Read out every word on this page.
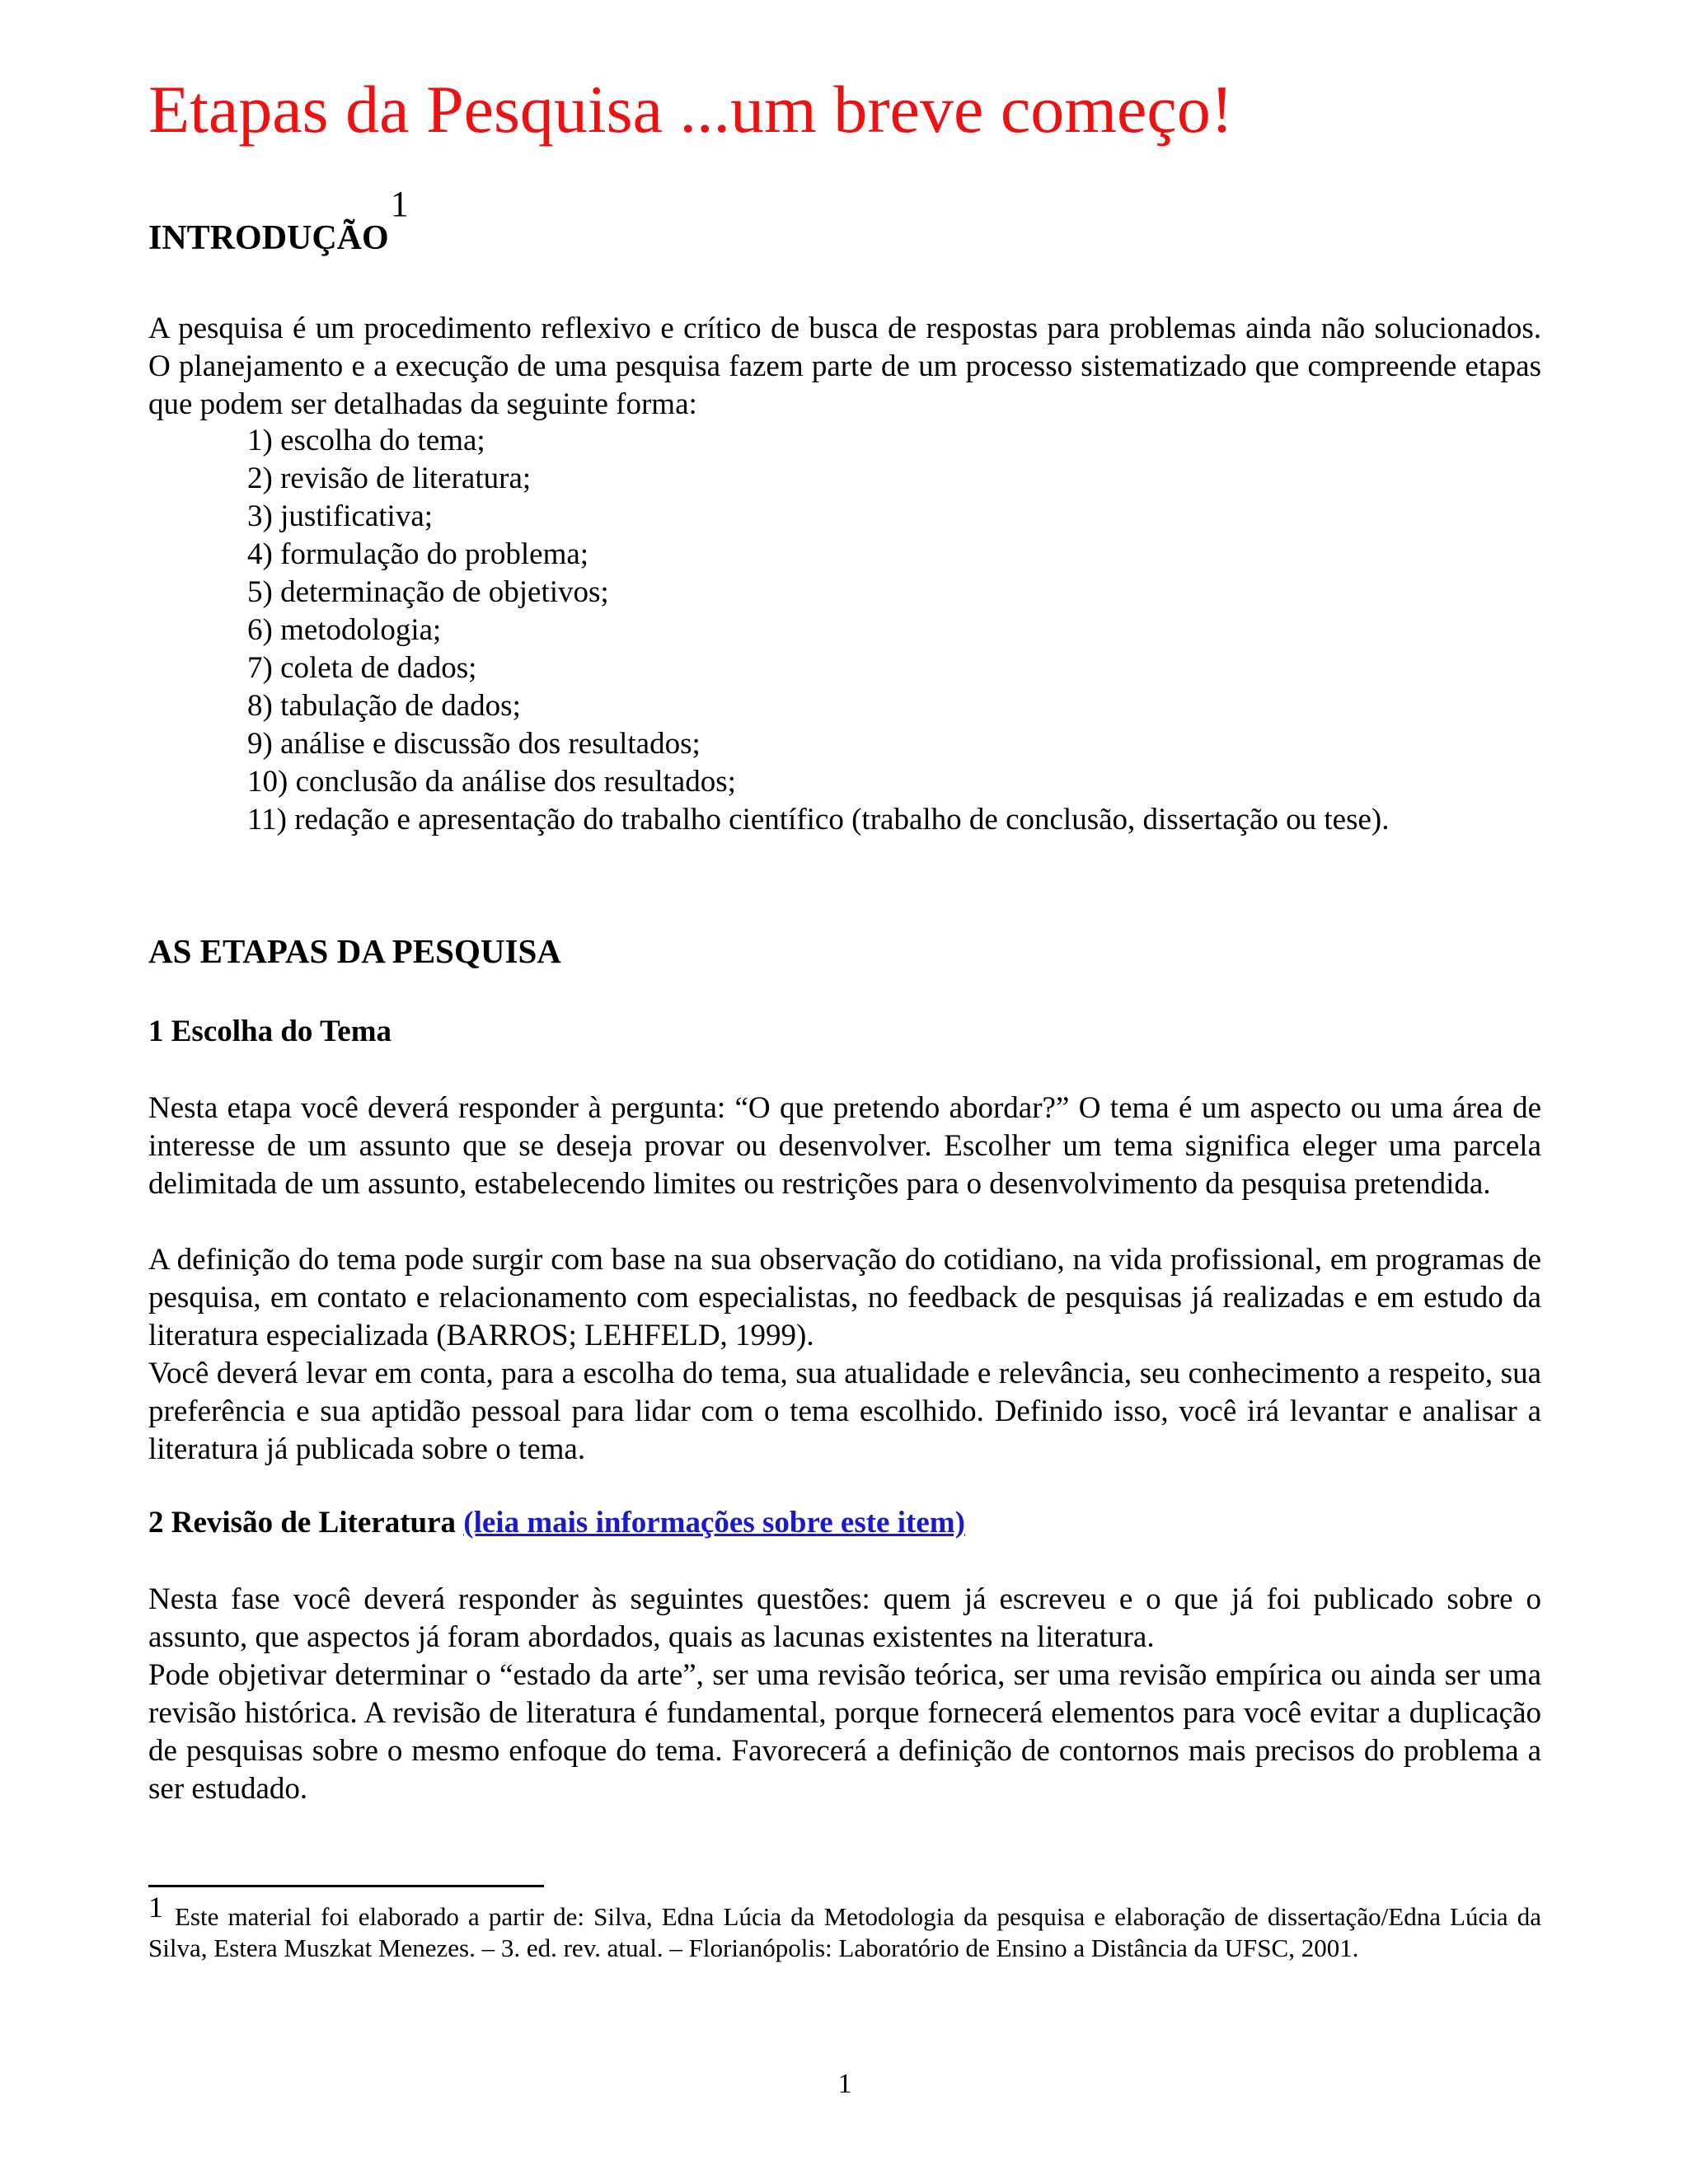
Etapas da Pesquisa ...um breve começo!
INTRODUÇÃO1

A pesquisa é um procedimento reflexivo e crítico de busca de respostas para problemas ainda não solucionados. O planejamento e a execução de uma pesquisa fazem parte de um processo sistematizado que compreende etapas que podem ser detalhadas da seguinte forma:

1) escolha do tema;
2) revisão de literatura;
3) justificativa;
4) formulação do problema;
5) determinação de objetivos;
6) metodologia;
7) coleta de dados;
8) tabulação de dados;
9) análise e discussão dos resultados;
10) conclusão da análise dos resultados;
11) redação e apresentação do trabalho científico (trabalho de conclusão, dissertação ou tese).
AS ETAPAS DA PESQUISA
1 Escolha do Tema

Nesta etapa você deverá responder à pergunta: “O que pretendo abordar?” O tema é um aspecto ou uma área de interesse de um assunto que se deseja provar ou desenvolver. Escolher um tema significa eleger uma parcela delimitada de um assunto, estabelecendo limites ou restrições para o desenvolvimento da pesquisa pretendida.

A definição do tema pode surgir com base na sua observação do cotidiano, na vida profissional, em programas de pesquisa, em contato e relacionamento com especialistas, no feedback de pesquisas já realizadas e em estudo da literatura especializada (BARROS; LEHFELD, 1999).

Você deverá levar em conta, para a escolha do tema, sua atualidade e relevância, seu conhecimento a respeito, sua preferência e sua aptidão pessoal para lidar com o tema escolhido. Definido isso, você irá levantar e analisar a literatura já publicada sobre o tema.

2 Revisão de Literatura (leia mais informações sobre este item)

Nesta fase você deverá responder às seguintes questões: quem já escreveu e o que já foi publicado sobre o assunto, que aspectos já foram abordados, quais as lacunas existentes na literatura.

Pode objetivar determinar o “estado da arte”, ser uma revisão teórica, ser uma revisão empírica ou ainda ser uma revisão histórica. A revisão de literatura é fundamental, porque fornecerá elementos para você evitar a duplicação de pesquisas sobre o mesmo enfoque do tema. Favorecerá a definição de contornos mais precisos do problema a ser estudado.

1 Este material foi elaborado a partir de: Silva, Edna Lúcia da Metodologia da pesquisa e elaboração de dissertação/Edna Lúcia da Silva, Estera Muszkat Menezes. – 3. ed. rev. atual. – Florianópolis: Laboratório de Ensino a Distância da UFSC, 2001.

1
